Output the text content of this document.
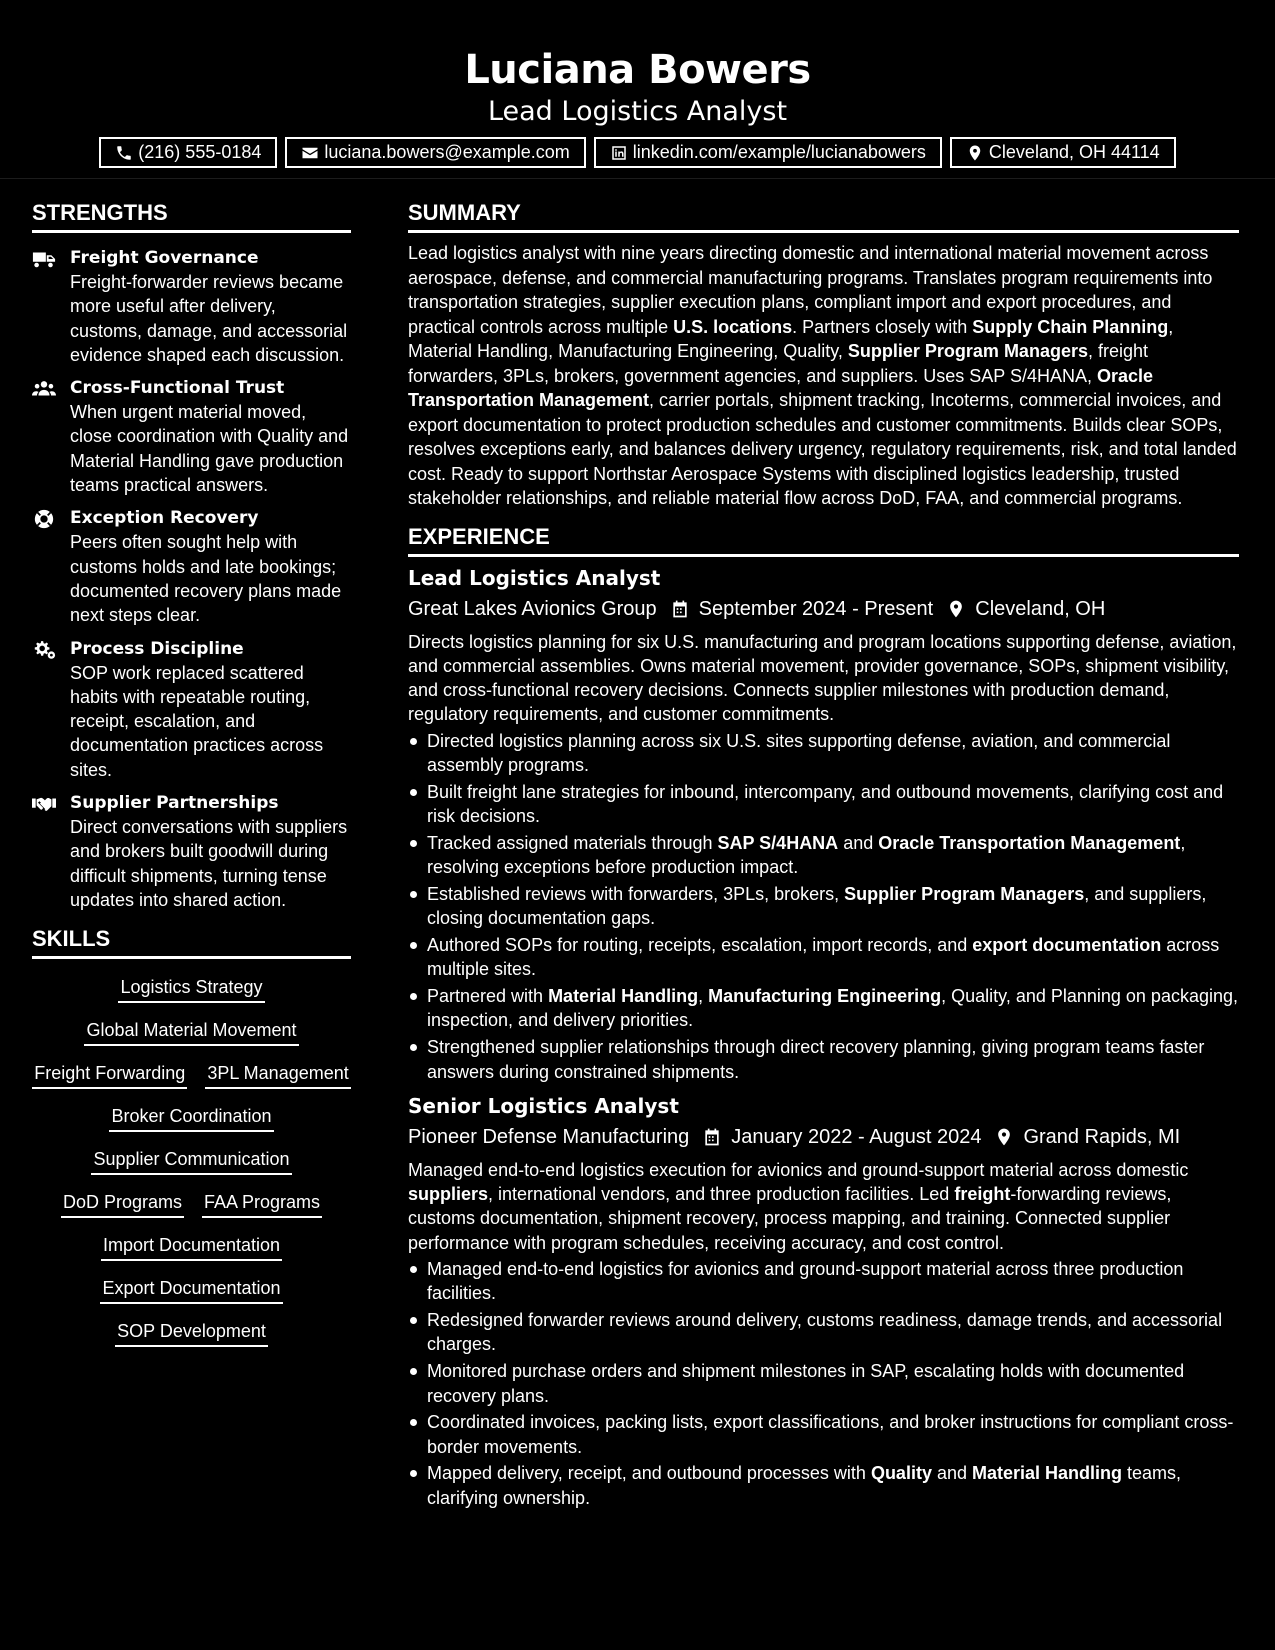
Luciana Bowers
Lead Logistics Analyst
(216) 555-0184	luciana.bowers@example.com	linkedin.com/example/lucianabowers	Cleveland, OH 44114
STRENGTHS
Freight Governance
Freight-forwarder reviews became more useful after delivery, customs, damage, and accessorial evidence shaped each discussion.
Cross-Functional Trust
When urgent material moved, close coordination with Quality and Material Handling gave production teams practical answers.
Exception Recovery
Peers often sought help with customs holds and late bookings; documented recovery plans made next steps clear.
Process Discipline
SOP work replaced scattered habits with repeatable routing, receipt, escalation, and documentation practices across sites.
Supplier Partnerships
Direct conversations with suppliers and brokers built goodwill during difficult shipments, turning tense updates into shared action.
SKILLS
Logistics Strategy
Global Material Movement
Freight Forwarding 3PL Management
Broker Coordination
Supplier Communication
DoD Programs FAA Programs
Import Documentation
Export Documentation
SOP Development
SUMMARY
Lead logistics analyst with nine years directing domestic and international material movement across aerospace, defense, and commercial manufacturing programs. Translates program requirements into transportation strategies, supplier execution plans, compliant import and export procedures, and practical controls across multiple U.S. locations. Partners closely with Supply Chain Planning, Material Handling, Manufacturing Engineering, Quality, Supplier Program Managers, freight forwarders, 3PLs, brokers, government agencies, and suppliers. Uses SAP S/4HANA, Oracle Transportation Management, carrier portals, shipment tracking, Incoterms, commercial invoices, and export documentation to protect production schedules and customer commitments. Builds clear SOPs, resolves exceptions early, and balances delivery urgency, regulatory requirements, risk, and total landed cost. Ready to support Northstar Aerospace Systems with disciplined logistics leadership, trusted stakeholder relationships, and reliable material flow across DoD, FAA, and commercial programs.
EXPERIENCE
Lead Logistics Analyst
Great Lakes Avionics Group September 2024 - Present Cleveland, OH
Directs logistics planning for six U.S. manufacturing and program locations supporting defense, aviation, and commercial assemblies. Owns material movement, provider governance, SOPs, shipment visibility, and cross-functional recovery decisions. Connects supplier milestones with production demand, regulatory requirements, and customer commitments.
Directed logistics planning across six U.S. sites supporting defense, aviation, and commercial assembly programs.
Built freight lane strategies for inbound, intercompany, and outbound movements, clarifying cost and risk decisions.
Tracked assigned materials through SAP S/4HANA and Oracle Transportation Management, resolving exceptions before production impact.
Established reviews with forwarders, 3PLs, brokers, Supplier Program Managers, and suppliers, closing documentation gaps.
Authored SOPs for routing, receipts, escalation, import records, and export documentation across multiple sites.
Partnered with Material Handling, Manufacturing Engineering, Quality, and Planning on packaging, inspection, and delivery priorities.
Strengthened supplier relationships through direct recovery planning, giving program teams faster answers during constrained shipments.
Senior Logistics Analyst
Pioneer Defense Manufacturing January 2022 - August 2024 Grand Rapids, MI
Managed end-to-end logistics execution for avionics and ground-support material across domestic suppliers, international vendors, and three production facilities. Led freight-forwarding reviews, customs documentation, shipment recovery, process mapping, and training. Connected supplier performance with program schedules, receiving accuracy, and cost control.
Managed end-to-end logistics for avionics and ground-support material across three production facilities.
Redesigned forwarder reviews around delivery, customs readiness, damage trends, and accessorial charges.
Monitored purchase orders and shipment milestones in SAP, escalating holds with documented recovery plans.
Coordinated invoices, packing lists, export classifications, and broker instructions for compliant cross-border movements.
Mapped delivery, receipt, and outbound processes with Quality and Material Handling teams, clarifying ownership.
